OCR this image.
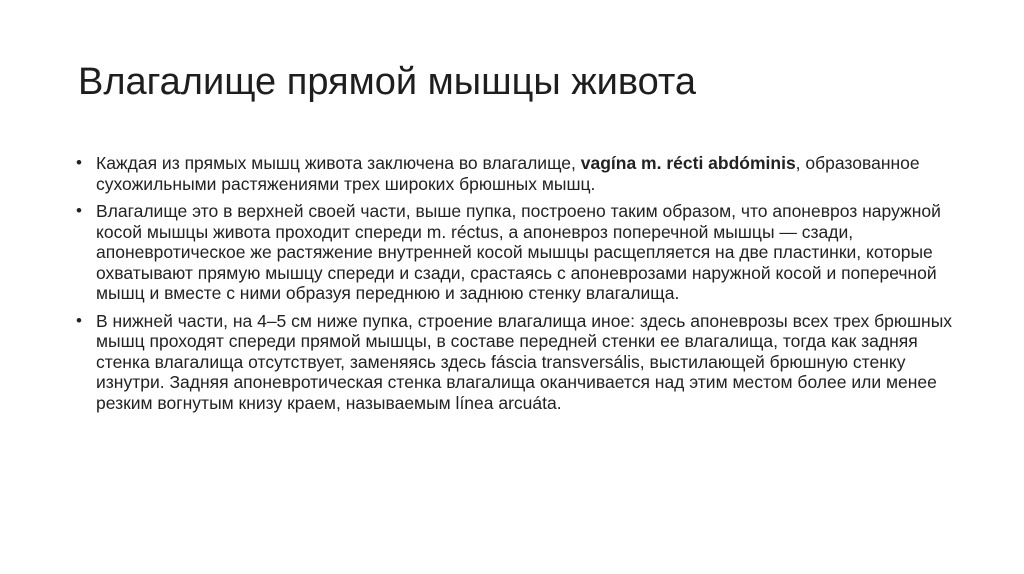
Влагалище прямой мышцы живота
• Каждая из прямых мышц живота заключена во влагалище, vagína m. récti abdóminis, образованное сухожильными растяжениями трех широких брюшных мышц.
• Влагалище это в верхней своей части, выше пупка, построено таким образом, что апоневроз наружной косой мышцы живота проходит спереди m. réctus, а апоневроз поперечной мышцы — сзади, апоневротическое же растяжение внутренней косой мышцы расщепляется на две пластинки, которые охватывают прямую мышцу спереди и сзади, срастаясь с апоневрозами наружной косой и поперечной мышц и вместе с ними образуя переднюю и заднюю стенку влагалища.
• В нижней части, на 4–5 см ниже пупка, строение влагалища иное: здесь апоневрозы всех трех брюшных мышц проходят спереди прямой мышцы, в составе передней стенки ее влагалища, тогда как задняя стенка влагалища отсутствует, заменяясь здесь fáscia transversális, выстилающей брюшную стенку изнутри. Задняя апоневротическая стенка влагалища оканчивается над этим местом более или менее резким вогнутым книзу краем, называемым línea arcuáta.
